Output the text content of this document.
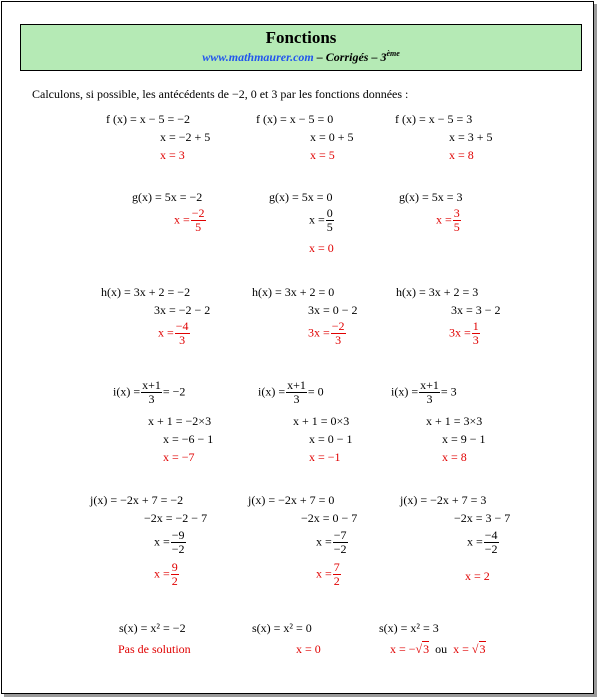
Fonctions
www.mathmaurer.com – Corrigés – 3ème
Calculons, si possible, les antécédents de −2, 0 et 3 par les fonctions données :
f (x) = x − 5 = −2
x = −2 + 5
x = 3
f (x) = x − 5 = 0
x = 0 + 5
x = 5
f (x) = x − 5 = 3
x = 3 + 5
x = 8
g(x) = 5x = −2
$x = \frac{-2}{5}$
g(x) = 5x = 0
$x = \frac{0}{5}$
x = 0
g(x) = 5x = 3
$x = \frac{3}{5}$
h(x) = 3x + 2 = −2
3x = −2 − 2
$x = \frac{-4}{3}$
h(x) = 3x + 2 = 0
3x = 0 − 2
$3x = \frac{-2}{3}$
h(x) = 3x + 2 = 3
3x = 3 − 2
$3x = \frac{1}{3}$
$i(x) = \frac{x+1}{3} = -2$
x + 1 = −2×3
x = −6 − 1
x = −7
$i(x) = \frac{x+1}{3} = 0$
x + 1 = 0×3
x = 0 − 1
x = −1
$i(x) = \frac{x+1}{3} = 3$
x + 1 = 3×3
x = 9 − 1
x = 8
j(x) = −2x + 7 = −2
−2x = −2 − 7
$x = \frac{-9}{-2}$
$x = \frac{9}{2}$
j(x) = −2x + 7 = 0
−2x = 0 − 7
$x = \frac{-7}{-2}$
$x = \frac{7}{2}$
j(x) = −2x + 7 = 3
−2x = 3 − 7
$x = \frac{-4}{-2}$
x = 2
s(x) = x² = −2
Pas de solution
s(x) = x² = 0
x = 0
s(x) = x² = 3
x = −√3 ou x = √3
